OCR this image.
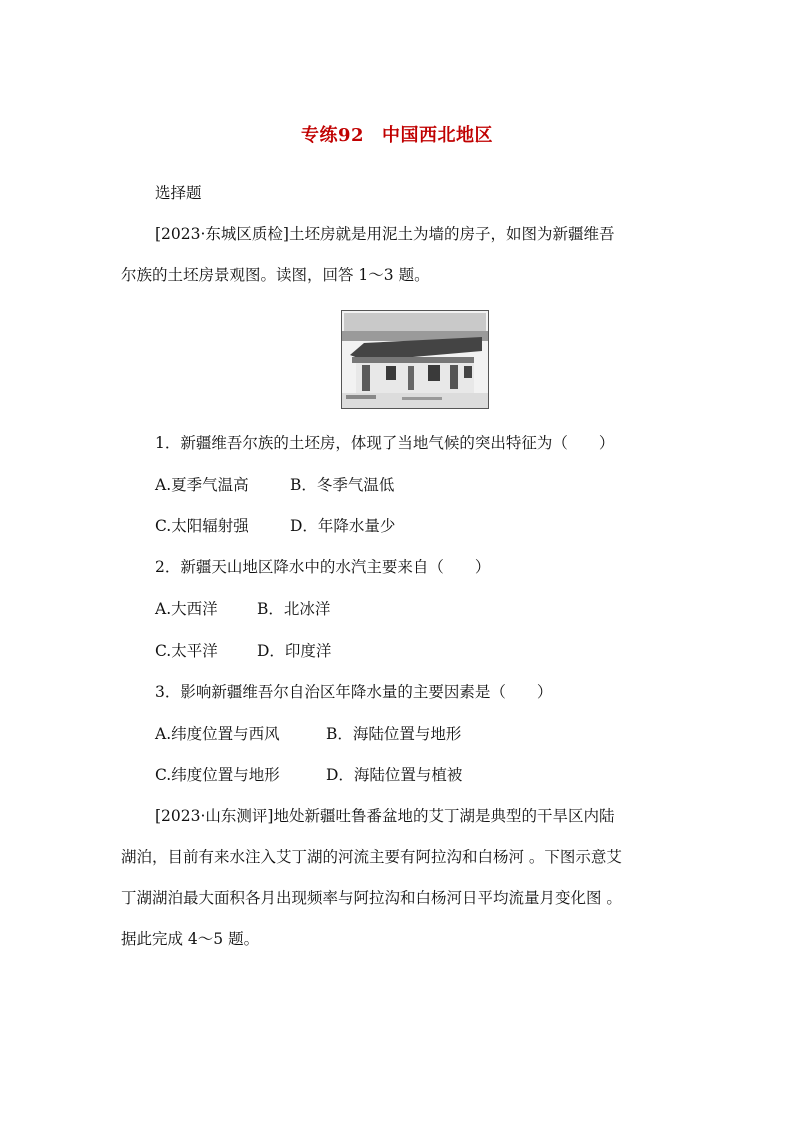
专练92 中国西北地区
选择题
[2023·东城区质检]土坯房就是用泥土为墙的房子，如图为新疆维吾
尔族的土坯房景观图。读图，回答 1～3 题。
1．新疆维吾尔族的土坯房，体现了当地气候的突出特征为（　　）
A.夏季气温高	B．冬季气温低
C.太阳辐射强	D．年降水量少
2．新疆天山地区降水中的水汽主要来自（　　）
A.大西洋	B．北冰洋
C.太平洋	D．印度洋
3．影响新疆维吾尔自治区年降水量的主要因素是（　　）
A.纬度位置与西风	B．海陆位置与地形
C.纬度位置与地形	D．海陆位置与植被
[2023·山东测评]地处新疆吐鲁番盆地的艾丁湖是典型的干旱区内陆
湖泊，目前有来水注入艾丁湖的河流主要有阿拉沟和白杨河 。下图示意艾
丁湖湖泊最大面积各月出现频率与阿拉沟和白杨河日平均流量月变化图 。
据此完成 4～5 题。
